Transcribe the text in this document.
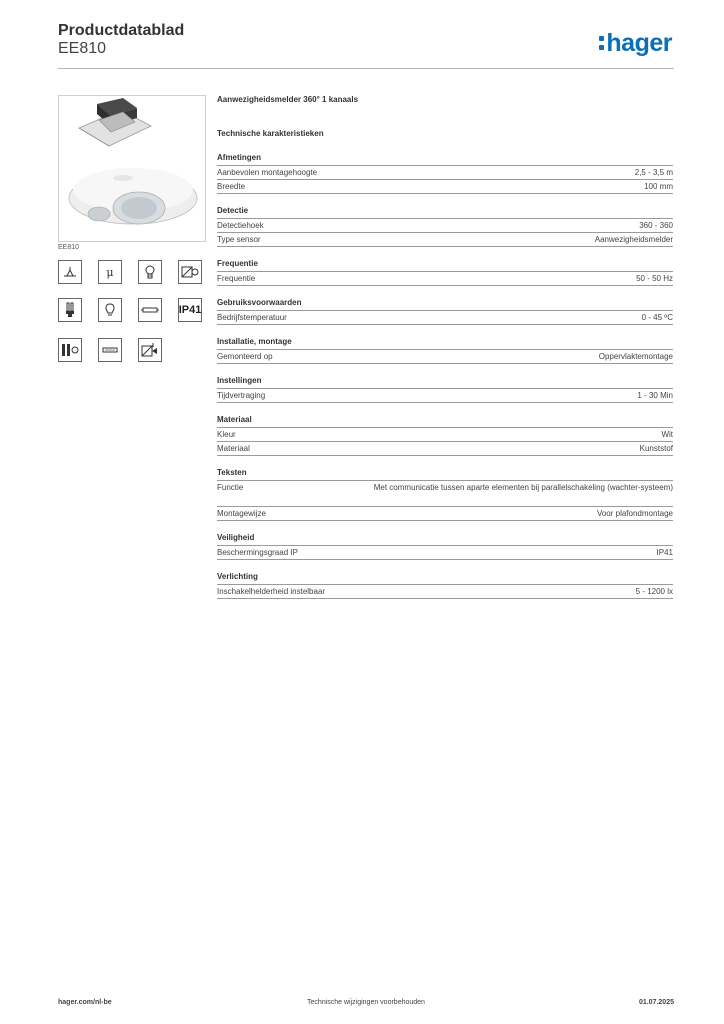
Productdatablad
EE810	hager
EE810
μ
IP41
Aanwezigheidsmelder 360° 1 kanaals
Technische karakteristieken
Afmetingen
Aanbevolen montagehoogte	2,5 - 3,5 m
Breedte	100 mm
Detectie
Detectiehoek	360 - 360
Type sensor	Aanwezigheidsmelder
Frequentie
Frequentie	50 - 50 Hz
Gebruiksvoorwaarden
Bedrijfstemperatuur	0 - 45 ºC
Installatie, montage
Gemonteerd op	Oppervlaktemontage
Instellingen
Tijdvertraging	1 - 30 Min
Materiaal
Kleur	Wit
Materiaal	Kunststof
Teksten
Functie	Met communicatie tussen aparte elementen bij parallelschakeling (wachter-systeem)
Montagewijze	Voor plafondmontage
Veiligheid
Beschermingsgraad IP	IP41
Verlichting
Inschakelhelderheid instelbaar	5 - 1200 lx
Technische wijzigingen voorbehouden
hager.com/nl-be	01.07.2025
